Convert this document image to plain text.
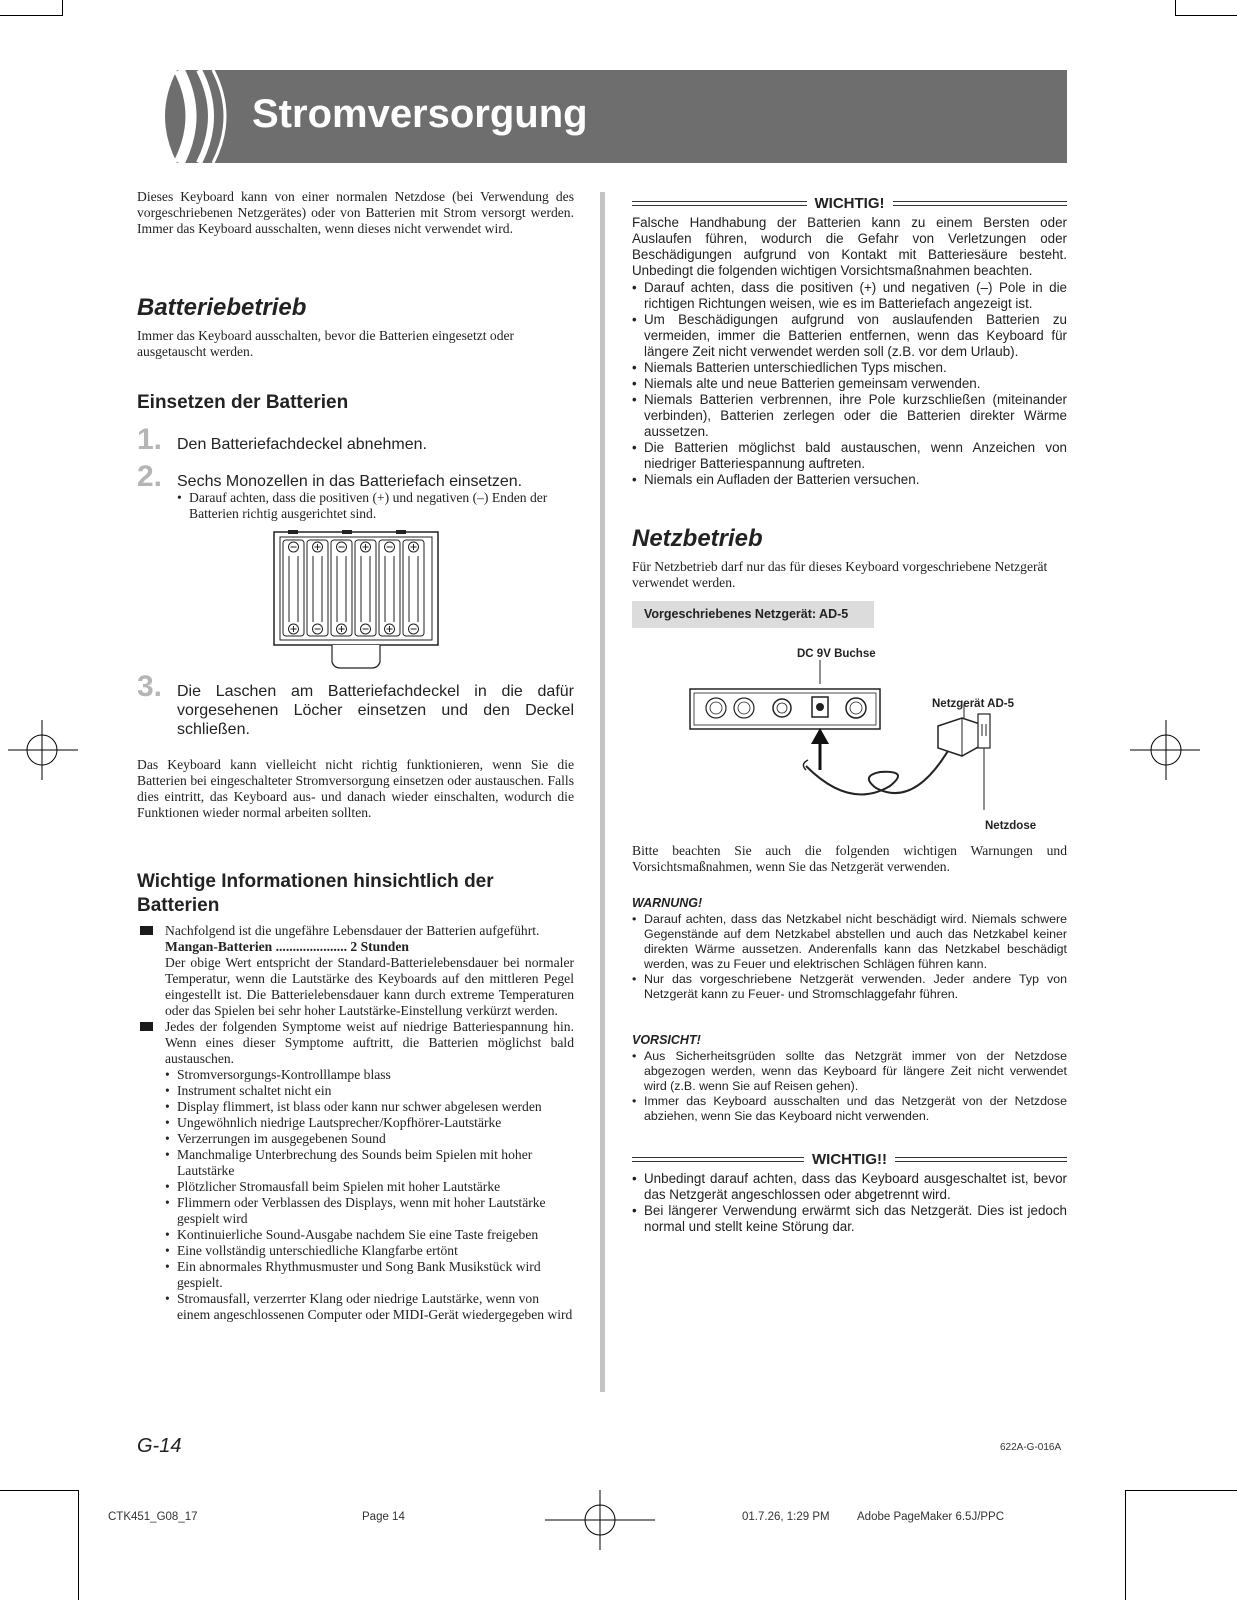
Stromversorgung
Dieses Keyboard kann von einer normalen Netzdose (bei Verwendung des vorgeschriebenen Netzgerätes) oder von Batterien mit Strom versorgt werden. Immer das Keyboard ausschalten, wenn dieses nicht verwendet wird.
Batteriebetrieb
Immer das Keyboard ausschalten, bevor die Batterien eingesetzt oder ausgetauscht werden.
Einsetzen der Batterien
1. Den Batteriefachdeckel abnehmen.
2. Sechs Monozellen in das Batteriefach einsetzen.
• Darauf achten, dass die positiven (+) und negativen (–) Enden der Batterien richtig ausgerichtet sind.
3. Die Laschen am Batteriefachdeckel in die dafür vorgesehenen Löcher einsetzen und den Deckel schließen.
Das Keyboard kann vielleicht nicht richtig funktionieren, wenn Sie die Batterien bei eingeschalteter Stromversorgung einsetzen oder austauschen. Falls dies eintritt, das Keyboard aus- und danach wieder einschalten, wodurch die Funktionen wieder normal arbeiten sollten.
Wichtige Informationen hinsichtlich der Batterien
Nachfolgend ist die ungefähre Lebensdauer der Batterien aufgeführt.
Mangan-Batterien ..................... 2 Stunden
Der obige Wert entspricht der Standard-Batterielebensdauer bei normaler Temperatur, wenn die Lautstärke des Keyboards auf den mittleren Pegel eingestellt ist. Die Batterielebensdauer kann durch extreme Temperaturen oder das Spielen bei sehr hoher Lautstärke-Einstellung verkürzt werden.
Jedes der folgenden Symptome weist auf niedrige Batteriespannung hin. Wenn eines dieser Symptome auftritt, die Batterien möglichst bald austauschen.
• Stromversorgungs-Kontrolllampe blass
• Instrument schaltet nicht ein
• Display flimmert, ist blass oder kann nur schwer abgelesen werden
• Ungewöhnlich niedrige Lautsprecher/Kopfhörer-Lautstärke
• Verzerrungen im ausgegebenen Sound
• Manchmalige Unterbrechung des Sounds beim Spielen mit hoher Lautstärke
• Plötzlicher Stromausfall beim Spielen mit hoher Lautstärke
• Flimmern oder Verblassen des Displays, wenn mit hoher Lautstärke gespielt wird
• Kontinuierliche Sound-Ausgabe nachdem Sie eine Taste freigeben
• Eine vollständig unterschiedliche Klangfarbe ertönt
• Ein abnormales Rhythmusmuster und Song Bank Musikstück wird gespielt.
• Stromausfall, verzerrter Klang oder niedrige Lautstärke, wenn von einem angeschlossenen Computer oder MIDI-Gerät wiedergegeben wird
WICHTIG!
Falsche Handhabung der Batterien kann zu einem Bersten oder Auslaufen führen, wodurch die Gefahr von Verletzungen oder Beschädigungen aufgrund von Kontakt mit Batteriesäure besteht. Unbedingt die folgenden wichtigen Vorsichtsmaßnahmen beachten.
• Darauf achten, dass die positiven (+) und negativen (–) Pole in die richtigen Richtungen weisen, wie es im Batteriefach angezeigt ist.
• Um Beschädigungen aufgrund von auslaufenden Batterien zu vermeiden, immer die Batterien entfernen, wenn das Keyboard für längere Zeit nicht verwendet werden soll (z.B. vor dem Urlaub).
• Niemals Batterien unterschiedlichen Typs mischen.
• Niemals alte und neue Batterien gemeinsam verwenden.
• Niemals Batterien verbrennen, ihre Pole kurzschließen (miteinander verbinden), Batterien zerlegen oder die Batterien direkter Wärme aussetzen.
• Die Batterien möglichst bald austauschen, wenn Anzeichen von niedriger Batteriespannung auftreten.
• Niemals ein Aufladen der Batterien versuchen.
Netzbetrieb
Für Netzbetrieb darf nur das für dieses Keyboard vorgeschriebene Netzgerät verwendet werden.
Vorgeschriebenes Netzgerät: AD-5
DC 9V Buchse
Netzgerät AD-5
Netzdose
Bitte beachten Sie auch die folgenden wichtigen Warnungen und Vorsichtsmaßnahmen, wenn Sie das Netzgerät verwenden.
WARNUNG!
• Darauf achten, dass das Netzkabel nicht beschädigt wird. Niemals schwere Gegenstände auf dem Netzkabel abstellen und auch das Netzkabel keiner direkten Wärme aussetzen. Anderenfalls kann das Netzkabel beschädigt werden, was zu Feuer und elektrischen Schlägen führen kann.
• Nur das vorgeschriebene Netzgerät verwenden. Jeder andere Typ von Netzgerät kann zu Feuer- und Stromschlaggefahr führen.
VORSICHT!
• Aus Sicherheitsgrüden sollte das Netzgrät immer von der Netzdose abgezogen werden, wenn das Keyboard für längere Zeit nicht verwendet wird (z.B. wenn Sie auf Reisen gehen).
• Immer das Keyboard ausschalten und das Netzgerät von der Netzdose abziehen, wenn Sie das Keyboard nicht verwenden.
WICHTIG!!
• Unbedingt darauf achten, dass das Keyboard ausgeschaltet ist, bevor das Netzgerät angeschlossen oder abgetrennt wird.
• Bei längerer Verwendung erwärmt sich das Netzgerät. Dies ist jedoch normal und stellt keine Störung dar.
G-14	622A-G-016A
CTK451_G08_17	Page 14	01.7.26, 1:29 PM Adobe PageMaker 6.5J/PPC
